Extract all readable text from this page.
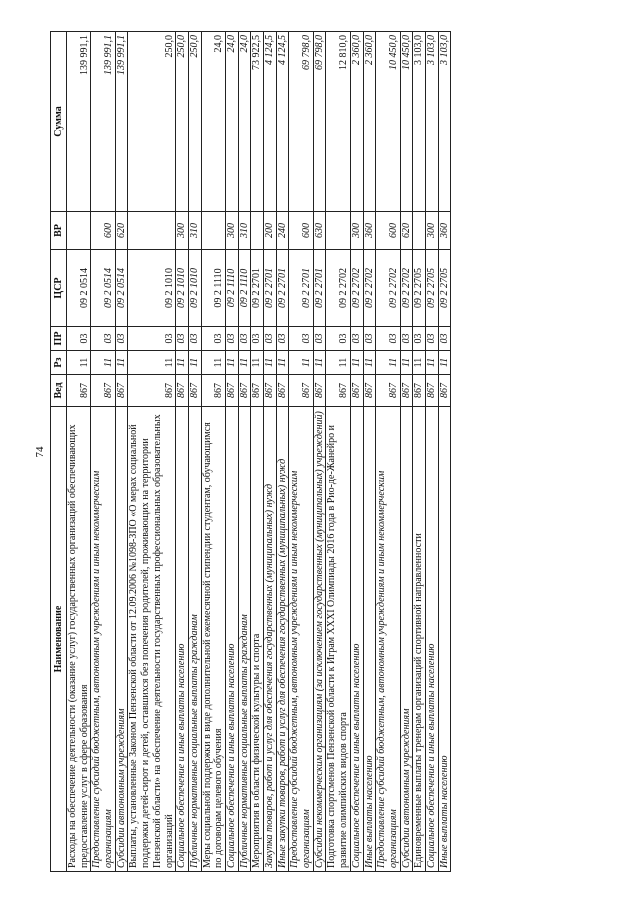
74
Наименование	Вед	Рз	ПР	ЦСР	ВР	Сумма
Расходы на обеспечение деятельности (оказание услуг) государственных организаций обеспечивающих предоставление услуг в сфере образования	867	11	03	09 2 0514		139 991,1
Предоставление субсидий бюджетным, автономным учреждениям и иным некоммерческим организациям	867	11	03	09 2 0514	600	139 991,1
Субсидии автономным учреждениям	867	11	03	09 2 0514	620	139 991,1
Выплаты, установленные Законом Пензенской области от 12.09.2006 №1098-ЗПО «О мерах социальной поддержки детей-сирот и детей, оставшихся без попечения родителей, проживающих на территории Пензенской области» на обеспечение деятельности государственных профессиональных образовательных организаций	867	11	03	09 2 1010		250,0
Социальное обеспечение и иные выплаты населению	867	11	03	09 2 1010	300	250,0
Публичные нормативные социальные выплаты гражданам	867	11	03	09 2 1010	310	250,0
Меры социальной поддержки в виде дополнительной ежемесячной стипендии студентам, обучающимся по договорам целевого обучения	867	11	03	09 2 1110		24,0
Социальное обеспечение и иные выплаты населению	867	11	03	09 2 1110	300	24,0
Публичные нормативные социальные выплаты гражданам	867	11	03	09 2 1110	310	24,0
Мероприятия в области физической культуры и спорта	867	11	03	09 2 2701		73 922,5
Закупка товаров, работ и услуг для обеспечения государственных (муниципальных) нужд	867	11	03	09 2 2701	200	4 124,5
Иные закупки товаров, работ и услуг для обеспечения государственных (муниципальных) нужд	867	11	03	09 2 2701	240	4 124,5
Предоставление субсидий бюджетным, автономным учреждениям и иным некоммерческим организациям	867	11	03	09 2 2701	600	69 798,0
Субсидии некоммерческим организациям (за исключением государственных (муниципальных) учреждений)	867	11	03	09 2 2701	630	69 798,0
Подготовка спортсменов Пензенской области к Играм XXXI Олимпиады 2016 года в Рио-де-Жанейро и развитие олимпийских видов спорта	867	11	03	09 2 2702		12 810,0
Социальное обеспечение и иные выплаты населению	867	11	03	09 2 2702	300	2 360,0
Иные выплаты населению	867	11	03	09 2 2702	360	2 360,0
Предоставление субсидий бюджетным, автономным учреждениям и иным некоммерческим организациям	867	11	03	09 2 2702	600	10 450,0
Субсидии автономным учреждениям	867	11	03	09 2 2702	620	10 450,0
Единовременные выплаты тренерам организаций спортивной направленности	867	11	03	09 2 2705		3 103,0
Социальное обеспечение и иные выплаты населению	867	11	03	09 2 2705	300	3 103,0
Иные выплаты населению	867	11	03	09 2 2705	360	3 103,0
